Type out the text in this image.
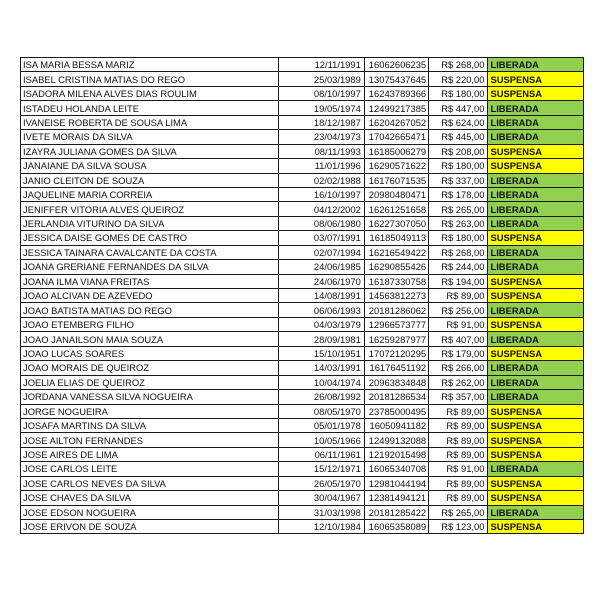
ISA MARIA BESSA MARIZ	12/11/1991	16062606235	R$ 268,00	LIBERADA
ISABEL CRISTINA MATIAS DO REGO	25/03/1989	13075437645	R$ 220,00	SUSPENSA
ISADORA MILENA ALVES DIAS ROULIM	08/10/1997	16243789366	R$ 180,00	SUSPENSA
ISTADEU HOLANDA LEITE	19/05/1974	12499217385	R$ 447,00	LIBERADA
IVANEISE ROBERTA DE SOUSA LIMA	18/12/1987	16204267052	R$ 624,00	LIBERADA
IVETE MORAIS DA SILVA	23/04/1973	17042665471	R$ 445,00	LIBERADA
IZAYRA JULIANA GOMES DA SILVA	08/11/1993	16185006279	R$ 208,00	SUSPENSA
JANAIANE DA SILVA SOUSA	11/01/1996	16290571622	R$ 180,00	SUSPENSA
JANIO CLEITON DE SOUZA	02/02/1988	16176071535	R$ 337,00	LIBERADA
JAQUELINE MARIA CORREIA	16/10/1997	20980480471	R$ 178,00	LIBERADA
JENIFFER VITORIA ALVES QUEIROZ	04/12/2002	16261251658	R$ 265,00	LIBERADA
JERLANDIA VITURINO DA SILVA	08/06/1980	16227307050	R$ 263,00	LIBERADA
JESSICA DAISE GOMES DE CASTRO	03/07/1991	16185049113	R$ 180,00	SUSPENSA
JESSICA TAINARA CAVALCANTE DA COSTA	02/07/1994	16216549422	R$ 268,00	LIBERADA
JOANA GRERIANE FERNANDES DA SILVA	24/06/1985	16290855426	R$ 244,00	LIBERADA
JOANA ILMA VIANA FREITAS	24/06/1970	16187330758	R$ 194,00	SUSPENSA
JOAO ALCIVAN DE AZEVEDO	14/08/1991	14563812273	R$ 89,00	SUSPENSA
JOAO BATISTA MATIAS DO REGO	06/06/1993	20181286062	R$ 256,00	LIBERADA
JOAO ETEMBERG FILHO	04/03/1979	12966573777	R$ 91,00	SUSPENSA
JOAO JANAILSON MAIA SOUZA	28/09/1981	16259287977	R$ 407,00	LIBERADA
JOAO LUCAS SOARES	15/10/1951	17072120295	R$ 179,00	SUSPENSA
JOAO MORAIS DE QUEIROZ	14/03/1991	16176451192	R$ 266,00	LIBERADA
JOELIA ELIAS DE QUEIROZ	10/04/1974	20963834848	R$ 262,00	LIBERADA
JORDANA VANESSA SILVA NOGUEIRA	26/08/1992	20181286534	R$ 357,00	LIBERADA
JORGE NOGUEIRA	08/05/1970	23785000495	R$ 89,00	SUSPENSA
JOSAFA MARTINS DA SILVA	05/01/1978	16050941182	R$ 89,00	SUSPENSA
JOSE AILTON FERNANDES	10/05/1966	12499132088	R$ 89,00	SUSPENSA
JOSE AIRES DE LIMA	06/11/1961	12192015498	R$ 89,00	SUSPENSA
JOSE CARLOS LEITE	15/12/1971	16065340708	R$ 91,00	LIBERADA
JOSE CARLOS NEVES DA SILVA	26/05/1970	12981044194	R$ 89,00	SUSPENSA
JOSE CHAVES DA SILVA	30/04/1967	12381494121	R$ 89,00	SUSPENSA
JOSE EDSON NOGUEIRA	31/03/1998	20181285422	R$ 265,00	LIBERADA
JOSE ERIVON DE SOUZA	12/10/1984	16065358089	R$ 123,00	SUSPENSA
